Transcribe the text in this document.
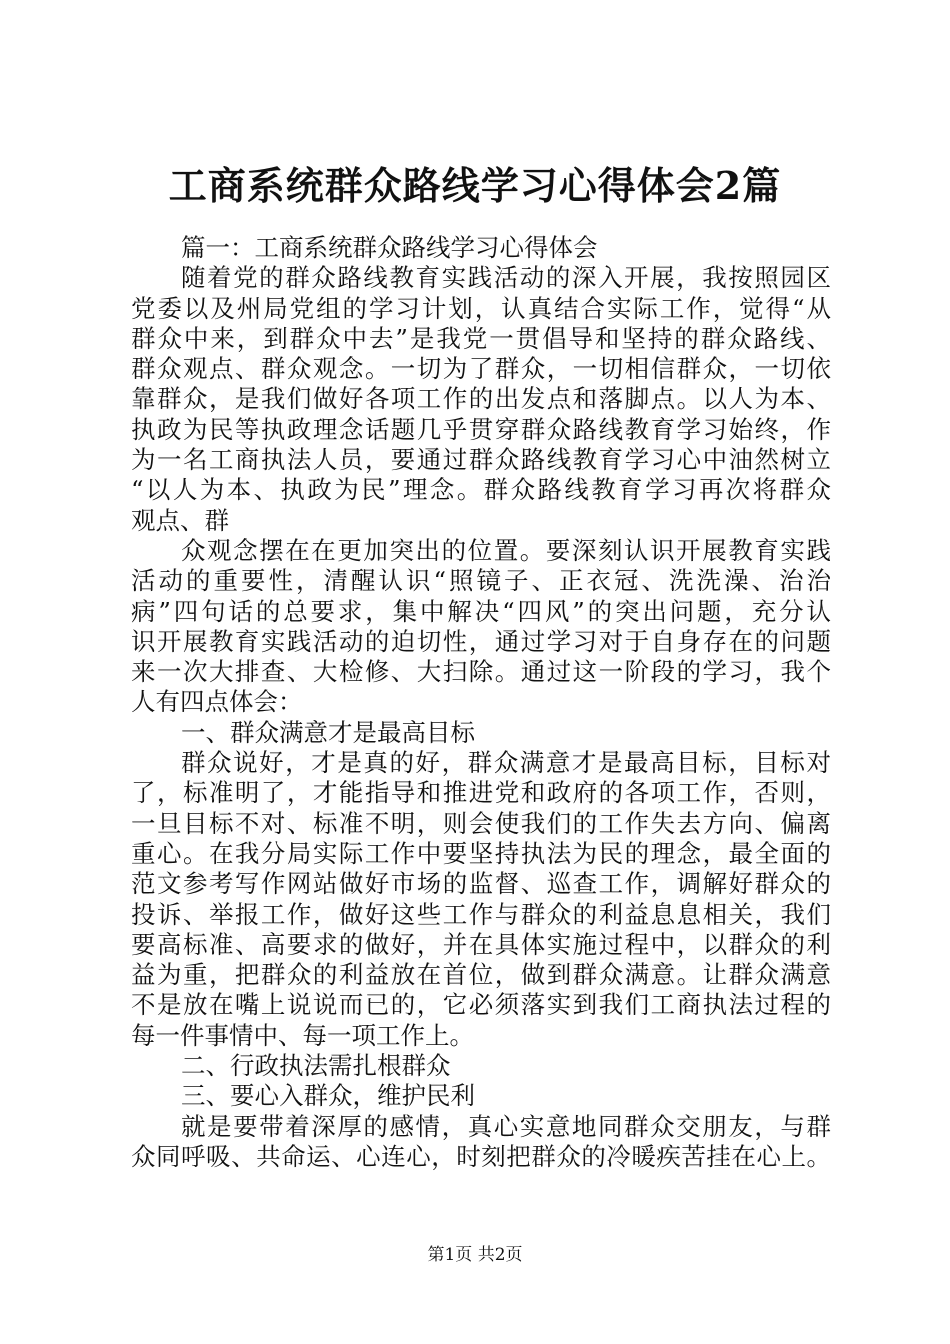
工商系统群众路线学习心得体会2篇
篇一：工商系统群众路线学习心得体会
随着党的群众路线教育实践活动的深入开展，我按照园区
党委以及州局党组的学习计划，认真结合实际工作，觉得“从
群众中来，到群众中去”是我党一贯倡导和坚持的群众路线、
群众观点、群众观念。一切为了群众，一切相信群众，一切依
靠群众，是我们做好各项工作的出发点和落脚点。以人为本、
执政为民等执政理念话题几乎贯穿群众路线教育学习始终，作
为一名工商执法人员，要通过群众路线教育学习心中油然树立
“以人为本、执政为民”理念。群众路线教育学习再次将群众
观点、群
众观念摆在在更加突出的位置。要深刻认识开展教育实践
活动的重要性，清醒认识“照镜子、正衣冠、洗洗澡、治治
病”四句话的总要求，集中解决“四风”的突出问题，充分认
识开展教育实践活动的迫切性，通过学习对于自身存在的问题
来一次大排查、大检修、大扫除。通过这一阶段的学习，我个
人有四点体会：
一、群众满意才是最高目标
群众说好，才是真的好，群众满意才是最高目标，目标对
了，标准明了，才能指导和推进党和政府的各项工作，否则，
一旦目标不对、标准不明，则会使我们的工作失去方向、偏离
重心。在我分局实际工作中要坚持执法为民的理念，最全面的
范文参考写作网站做好市场的监督、巡查工作，调解好群众的
投诉、举报工作，做好这些工作与群众的利益息息相关，我们
要高标准、高要求的做好，并在具体实施过程中，以群众的利
益为重，把群众的利益放在首位，做到群众满意。让群众满意
不是放在嘴上说说而已的，它必须落实到我们工商执法过程的
每一件事情中、每一项工作上。
二、行政执法需扎根群众
三、要心入群众，维护民利
就是要带着深厚的感情，真心实意地同群众交朋友，与群
众同呼吸、共命运、心连心，时刻把群众的冷暖疾苦挂在心上。
第1页 共2页
